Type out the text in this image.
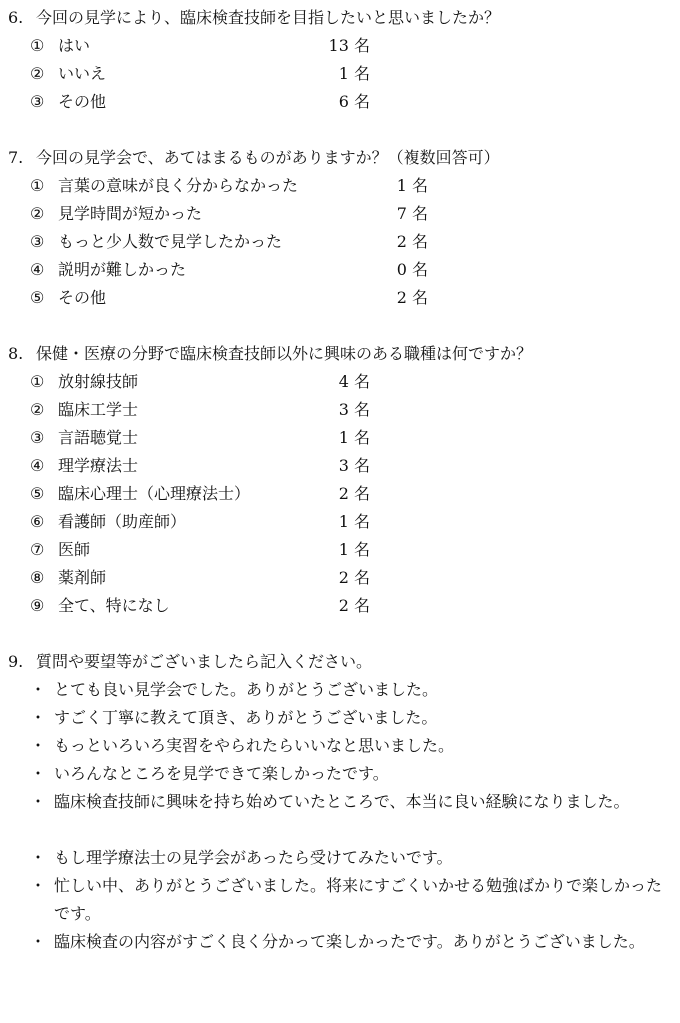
6. 今回の見学により、臨床検査技師を目指したいと思いましたか？
① はい	13 名
② いいえ	1 名
③ その他	6 名
7. 今回の見学会で、あてはまるものがありますか？（複数回答可）
① 言葉の意味が良く分からなかった	1 名
② 見学時間が短かった	7 名
③ もっと少人数で見学したかった	2 名
④ 説明が難しかった	0 名
⑤ その他	2 名
8. 保健・医療の分野で臨床検査技師以外に興味のある職種は何ですか？
① 放射線技師	4 名
② 臨床工学士	3 名
③ 言語聴覚士	1 名
④ 理学療法士	3 名
⑤ 臨床心理士（心理療法士）	2 名
⑥ 看護師（助産師）	1 名
⑦ 医師	1 名
⑧ 薬剤師	2 名
⑨ 全て、特になし	2 名
9. 質問や要望等がございましたら記入ください。
・ とても良い見学会でした。ありがとうございました。
・ すごく丁寧に教えて頂き、ありがとうございました。
・ もっといろいろ実習をやられたらいいなと思いました。
・ いろんなところを見学できて楽しかったです。
・ 臨床検査技師に興味を持ち始めていたところで、本当に良い経験になりました。
・ もし理学療法士の見学会があったら受けてみたいです。
・ 忙しい中、ありがとうございました。将来にすごくいかせる勉強ばかりで楽しかったです。
・ 臨床検査の内容がすごく良く分かって楽しかったです。ありがとうございました。
